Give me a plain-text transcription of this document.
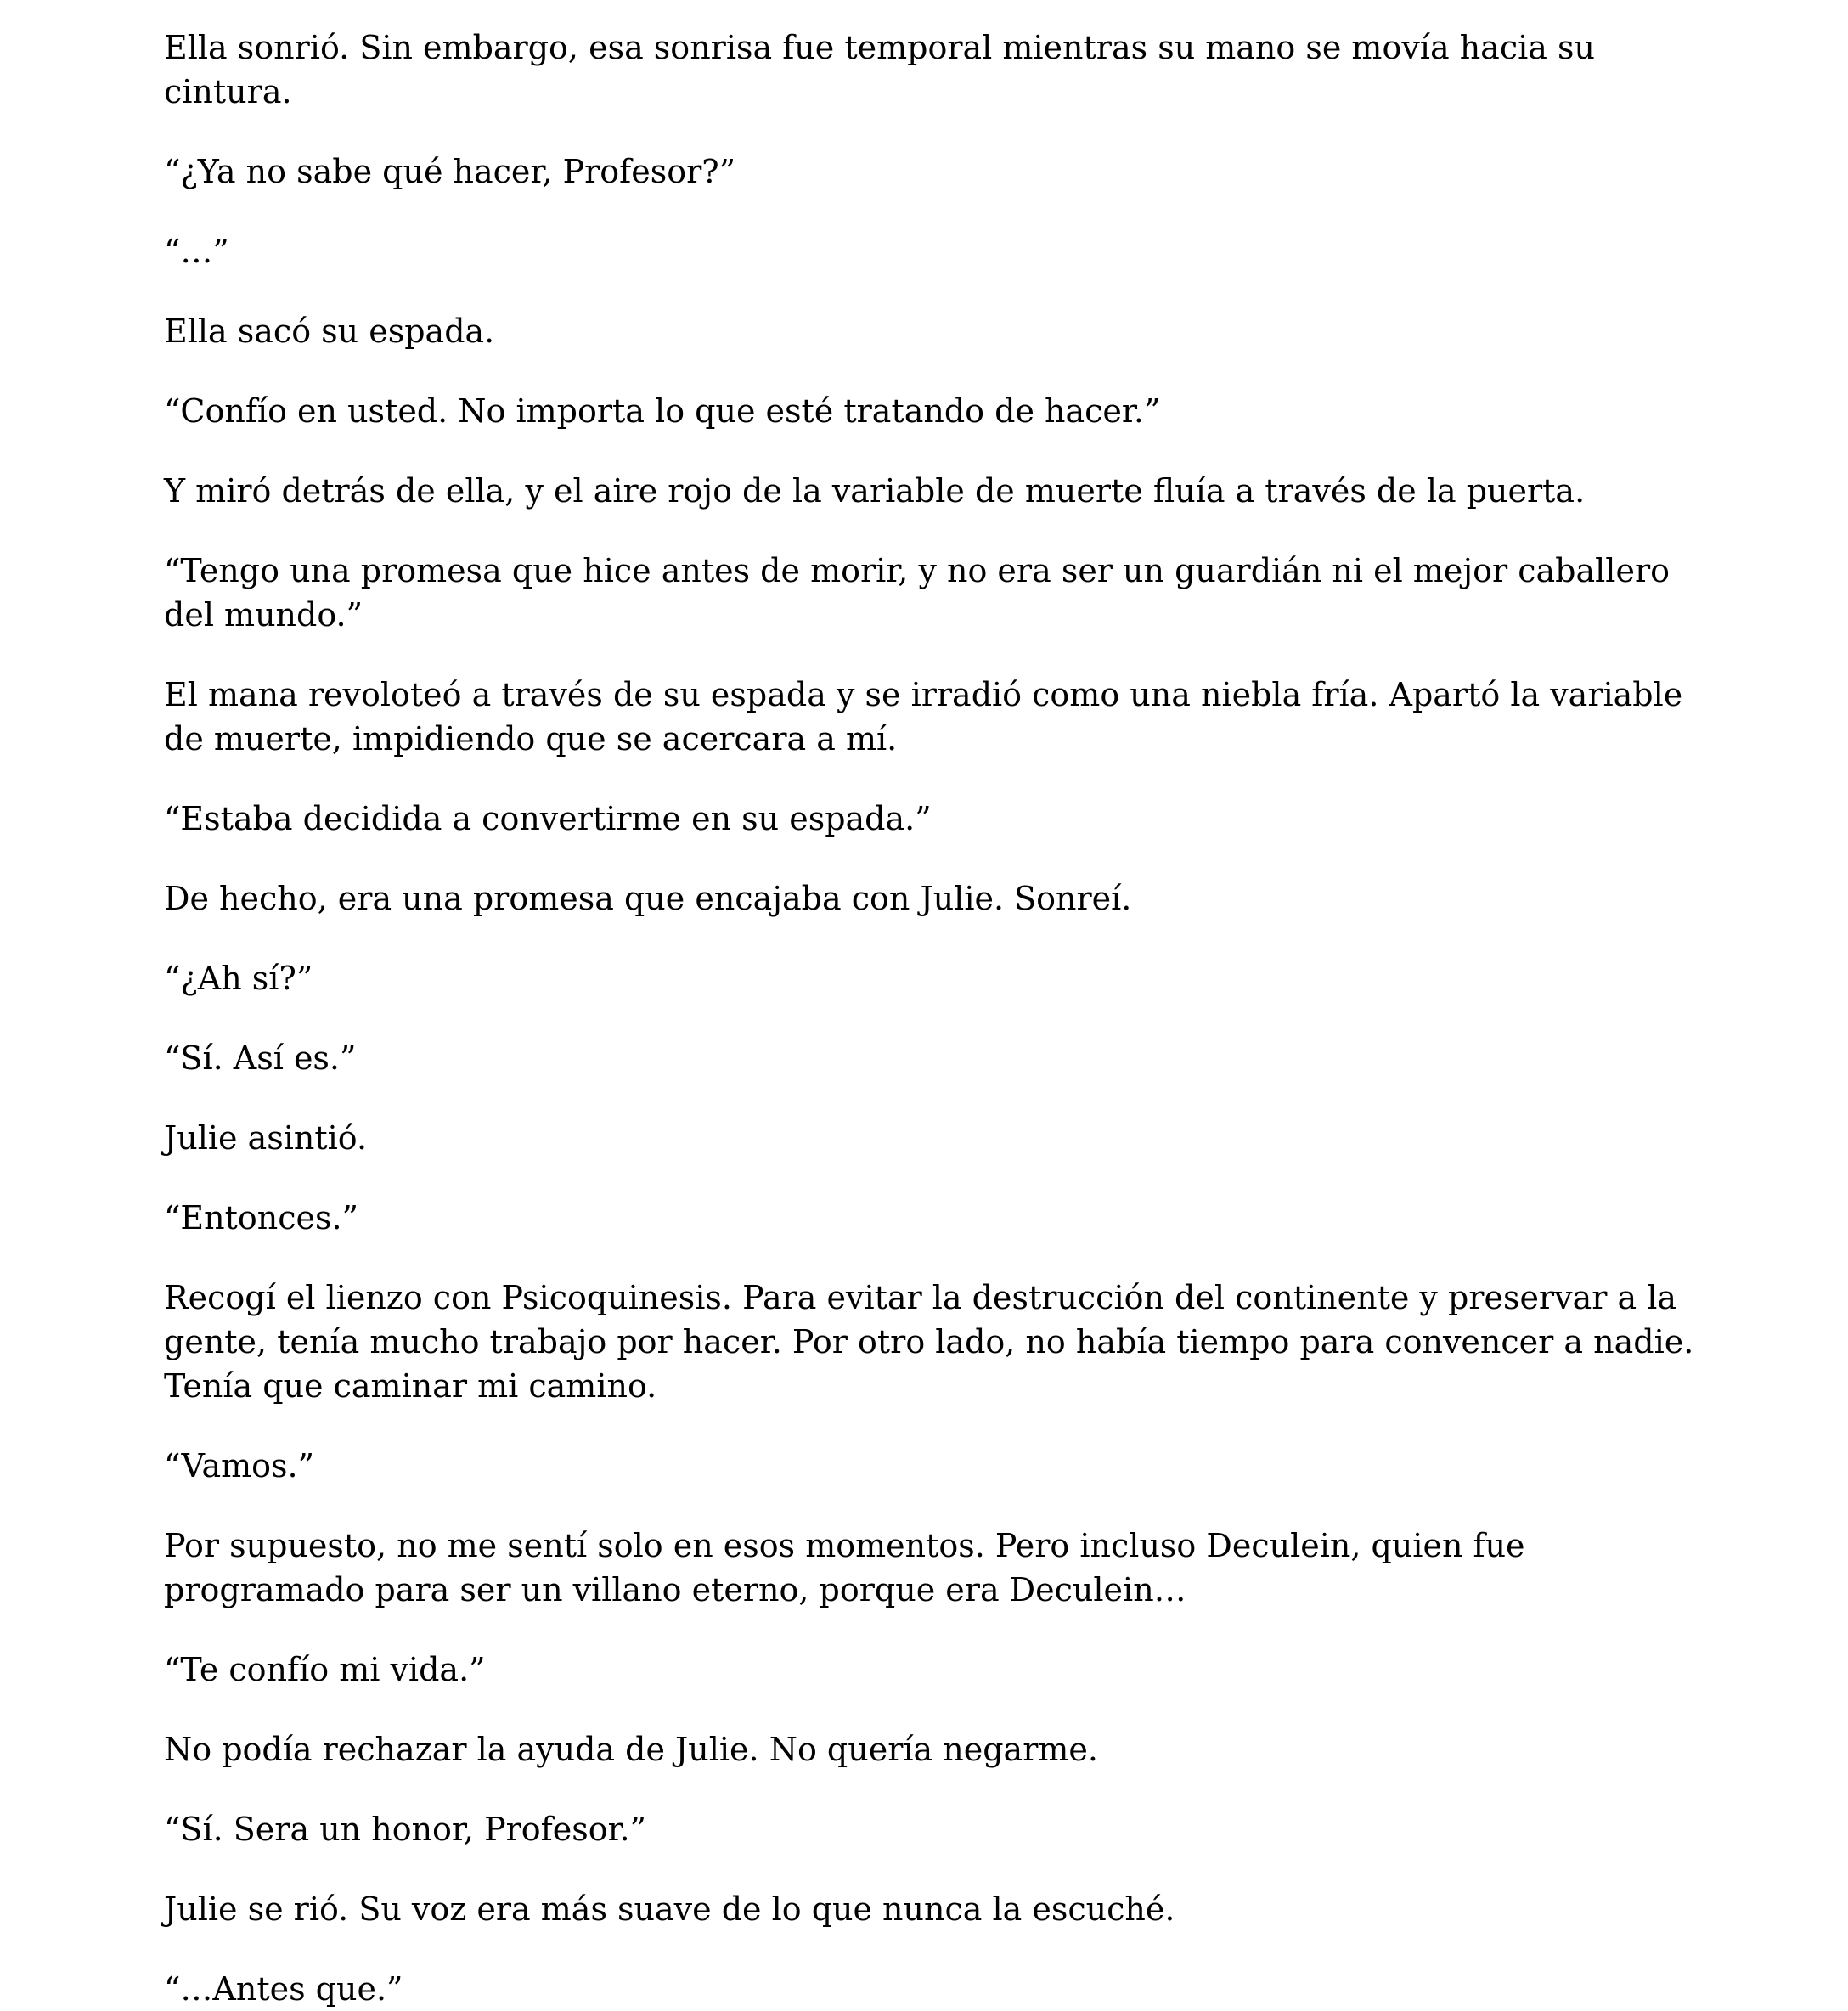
Ella sonrió. Sin embargo, esa sonrisa fue temporal mientras su mano se movía hacia su cintura.

“¿Ya no sabe qué hacer, Profesor?”

“…”

Ella sacó su espada.

“Confío en usted. No importa lo que esté tratando de hacer.”

Y miró detrás de ella, y el aire rojo de la variable de muerte fluía a través de la puerta.

“Tengo una promesa que hice antes de morir, y no era ser un guardián ni el mejor caballero del mundo.”

El mana revoloteó a través de su espada y se irradió como una niebla fría. Apartó la variable de muerte, impidiendo que se acercara a mí.

“Estaba decidida a convertirme en su espada.”

De hecho, era una promesa que encajaba con Julie. Sonreí.

“¿Ah sí?”

“Sí. Así es.”

Julie asintió.

“Entonces.”

Recogí el lienzo con Psicoquinesis. Para evitar la destrucción del continente y preservar a la gente, tenía mucho trabajo por hacer. Por otro lado, no había tiempo para convencer a nadie. Tenía que caminar mi camino.

“Vamos.”

Por supuesto, no me sentí solo en esos momentos. Pero incluso Deculein, quien fue programado para ser un villano eterno, porque era Deculein…

“Te confío mi vida.”

No podía rechazar la ayuda de Julie. No quería negarme.

“Sí. Sera un honor, Profesor.”

Julie se rió. Su voz era más suave de lo que nunca la escuché.

“…Antes que.”
